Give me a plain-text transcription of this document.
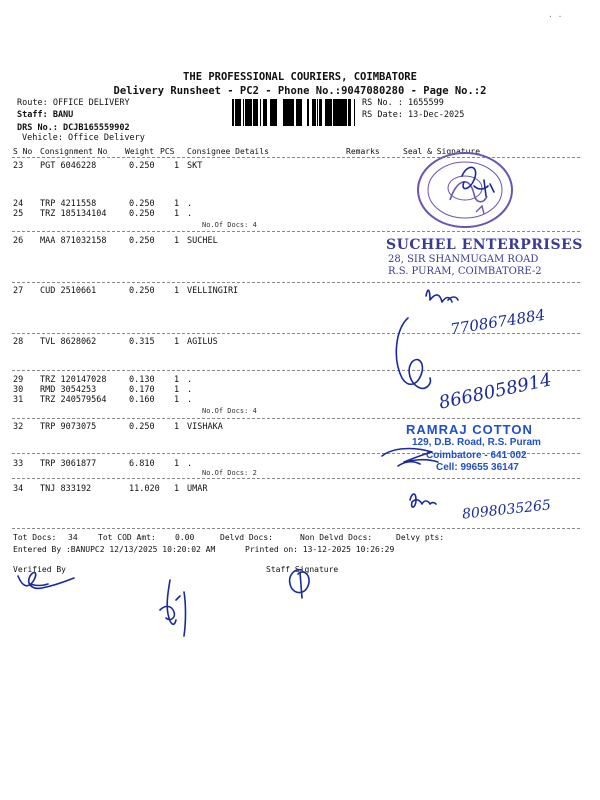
· ·
THE PROFESSIONAL COURIERS, COIMBATORE
Delivery Runsheet - PC2 - Phone No.:9047080280 - Page No.:2
Route: OFFICE DELIVERY
Staff: BANU
DRS No.: DCJB165559902
Vehicle: Office Delivery
RS No. : 1655599
RS Date: 13-Dec-2025
S No Consignment No Weight PCS Consignee Details	Remarks	Seal & Signature
23 PGT 6046228	0.250 1 SKT
24 TRP 4211558	0.250 1 .
25 TRZ 185134104	0.250 1 .
26 MAA 871032158	0.250 1 SUCHEL
27 CUD 2510661	0.250 1 VELLINGIRI
28 TVL 8628062	0.315 1 AGILUS
29 TRZ 120147028	0.130 1 .
30 RMD 3054253	0.170 1 .
31 TRZ 240579564	0.160 1 .
32 TRP 9073075	0.250 1 VISHAKA
33 TRP 3061877	6.810 1 .
34 TNJ 833192	11.020 1 UMAR
No.Of Docs: 4
No.Of Docs: 4
No.Of Docs: 2
Tot Docs: 34	Tot COD Amt: 0.00	Delvd Docs:	Non Delvd Docs:	Delvy pts:
Entered By :BANUPC2 12/13/2025 10:20:02 AM	Printed on: 13-12-2025 10:26:29
Verified By	Staff Signature
SUCHEL ENTERPRISES
28, SIR SHANMUGAM ROAD
R.S. PURAM, COIMBATORE-2
RAMRAJ COTTON
129, D.B. Road, R.S. Puram
Coimbatore - 641 002
Cell: 99655 36147
7708674884
8668058914
8098035265
